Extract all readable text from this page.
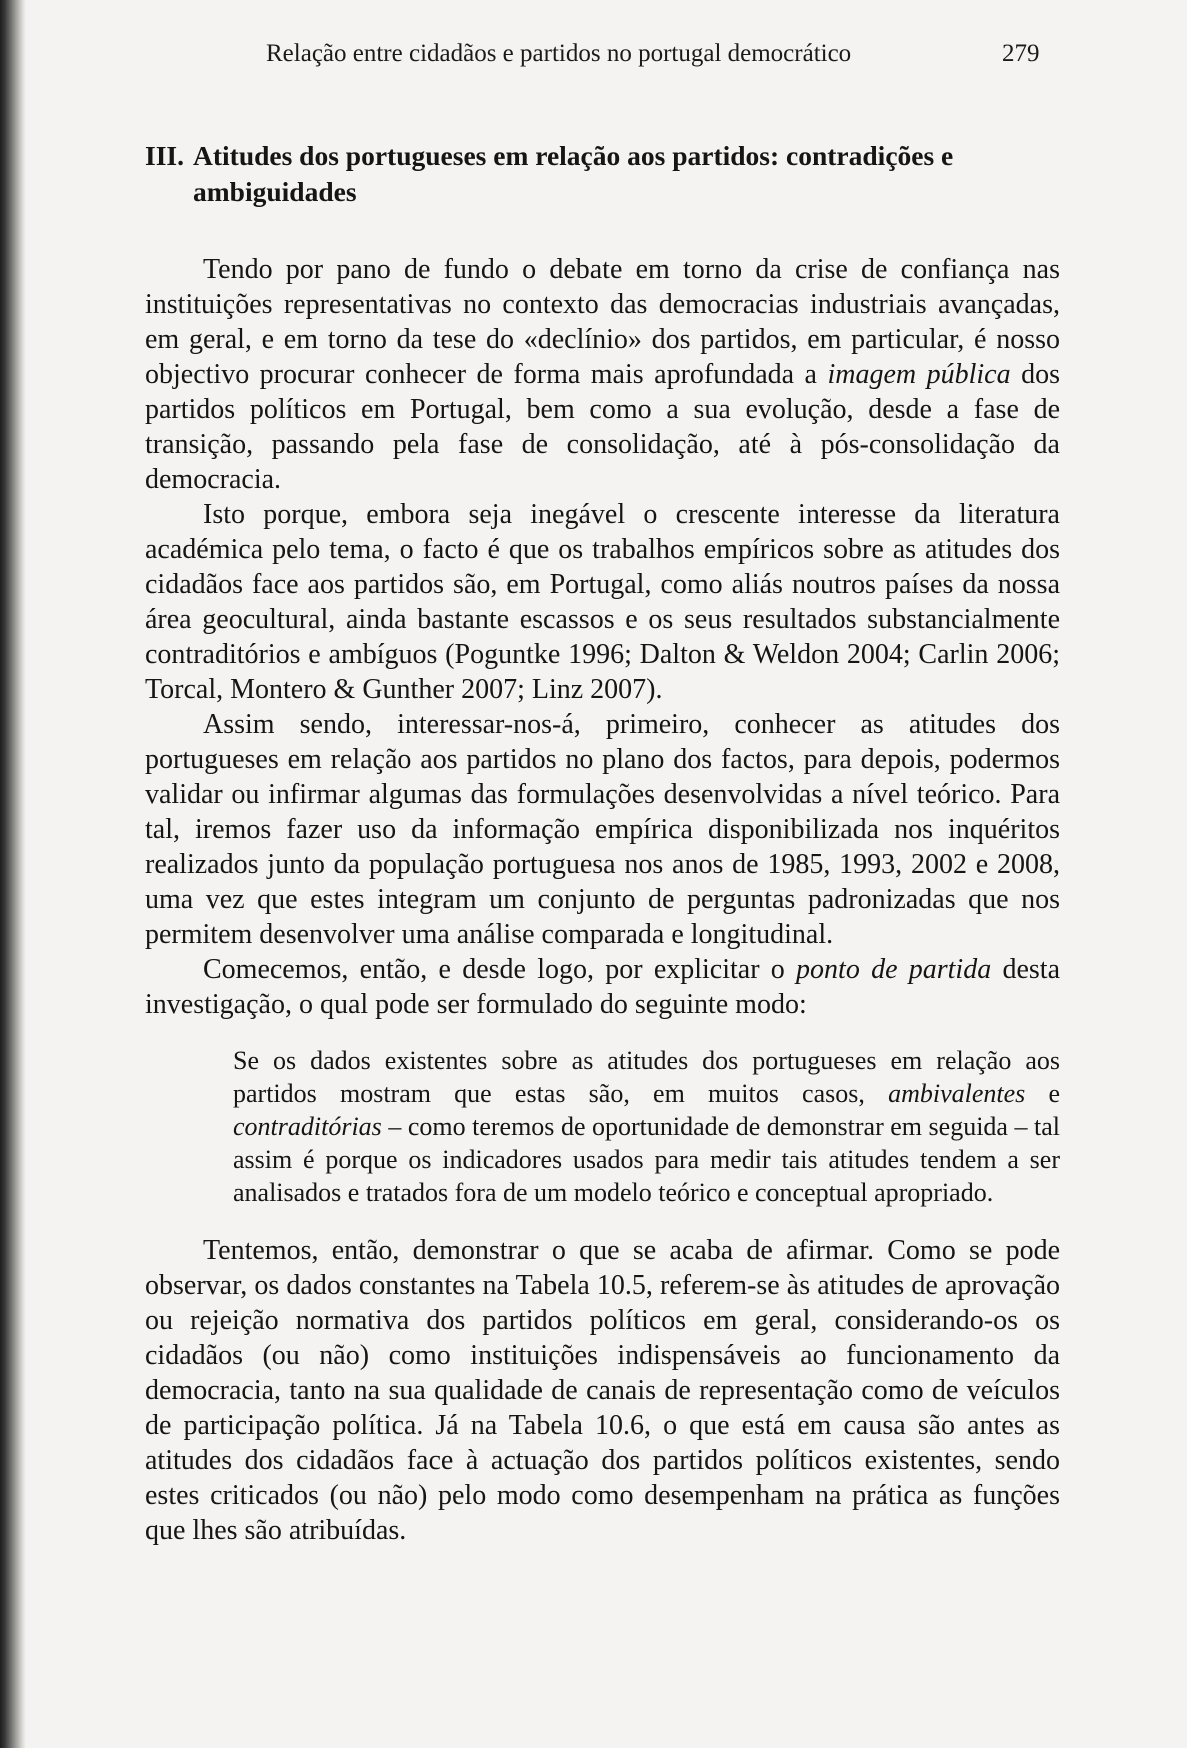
Relação entre cidadãos e partidos no portugal democrático	279
III. Atitudes dos portugueses em relação aos partidos: contradições e ambiguidades

Tendo por pano de fundo o debate em torno da crise de confiança nas instituições representativas no contexto das democracias industriais avançadas, em geral, e em torno da tese do «declínio» dos partidos, em particular, é nosso objectivo procurar conhecer de forma mais aprofundada a imagem pública dos partidos políticos em Portugal, bem como a sua evolução, desde a fase de transição, passando pela fase de consolidação, até à pós-consolidação da democracia.

Isto porque, embora seja inegável o crescente interesse da literatura académica pelo tema, o facto é que os trabalhos empíricos sobre as atitudes dos cidadãos face aos partidos são, em Portugal, como aliás noutros países da nossa área geocultural, ainda bastante escassos e os seus resultados substancialmente contraditórios e ambíguos (Poguntke 1996; Dalton & Weldon 2004; Carlin 2006; Torcal, Montero & Gunther 2007; Linz 2007).

Assim sendo, interessar-nos-á, primeiro, conhecer as atitudes dos portugueses em relação aos partidos no plano dos factos, para depois, podermos validar ou infirmar algumas das formulações desenvolvidas a nível teórico. Para tal, iremos fazer uso da informação empírica disponibilizada nos inquéritos realizados junto da população portuguesa nos anos de 1985, 1993, 2002 e 2008, uma vez que estes integram um conjunto de perguntas padronizadas que nos permitem desenvolver uma análise comparada e longitudinal.

Comecemos, então, e desde logo, por explicitar o ponto de partida desta investigação, o qual pode ser formulado do seguinte modo:

Se os dados existentes sobre as atitudes dos portugueses em relação aos partidos mostram que estas são, em muitos casos, ambivalentes e contraditórias – como teremos de oportunidade de demonstrar em seguida – tal assim é porque os indicadores usados para medir tais atitudes tendem a ser analisados e tratados fora de um modelo teórico e conceptual apropriado.

Tentemos, então, demonstrar o que se acaba de afirmar. Como se pode observar, os dados constantes na Tabela 10.5, referem-se às atitudes de aprovação ou rejeição normativa dos partidos políticos em geral, considerando-os os cidadãos (ou não) como instituições indispensáveis ao funcionamento da democracia, tanto na sua qualidade de canais de representação como de veículos de participação política. Já na Tabela 10.6, o que está em causa são antes as atitudes dos cidadãos face à actuação dos partidos políticos existentes, sendo estes criticados (ou não) pelo modo como desempenham na prática as funções que lhes são atribuídas.
